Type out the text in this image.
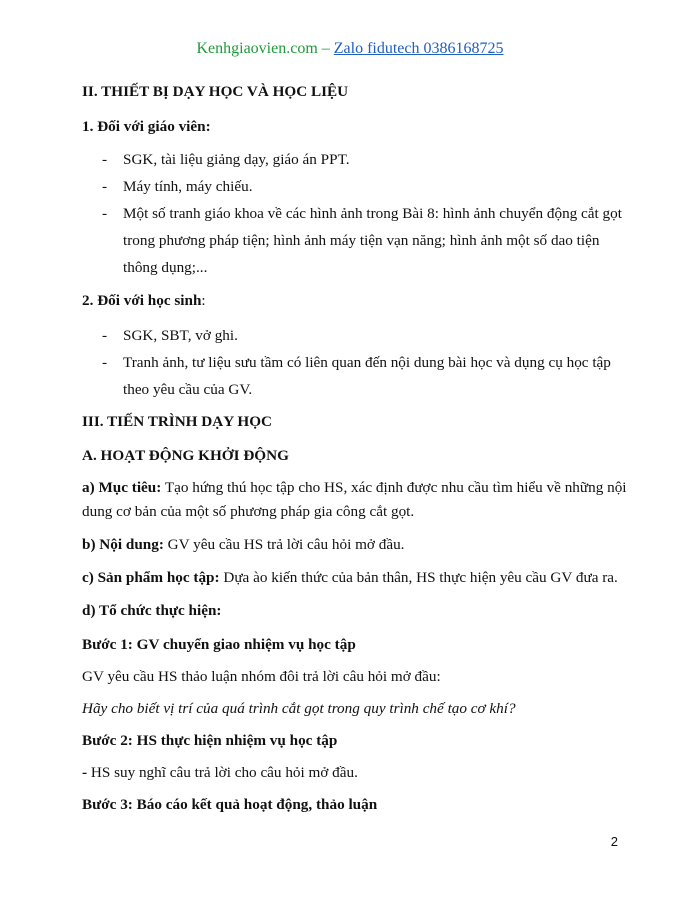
Kenhgiaovien.com – Zalo fidutech 0386168725

II. THIẾT BỊ DẠY HỌC VÀ HỌC LIỆU

1. Đối với giáo viên:

- SGK, tài liệu giảng dạy, giáo án PPT.
- Máy tính, máy chiếu.
- Một số tranh giáo khoa về các hình ảnh trong Bài 8: hình ảnh chuyển động cắt gọt trong phương pháp tiện; hình ảnh máy tiện vạn năng; hình ảnh một số dao tiện thông dụng;...

2. Đối với học sinh:

- SGK, SBT, vở ghi.
- Tranh ảnh, tư liệu sưu tầm có liên quan đến nội dung bài học và dụng cụ học tập theo yêu cầu của GV.

III. TIẾN TRÌNH DẠY HỌC

A. HOẠT ĐỘNG KHỞI ĐỘNG

a) Mục tiêu: Tạo hứng thú học tập cho HS, xác định được nhu cầu tìm hiểu về những nội dung cơ bản của một số phương pháp gia công cắt gọt.

b) Nội dung: GV yêu cầu HS trả lời câu hỏi mở đầu.

c) Sản phẩm học tập: Dựa ào kiến thức của bản thân, HS thực hiện yêu cầu GV đưa ra.

d) Tổ chức thực hiện:

Bước 1: GV chuyển giao nhiệm vụ học tập

GV yêu cầu HS thảo luận nhóm đôi trả lời câu hỏi mở đầu:

Hãy cho biết vị trí của quá trình cắt gọt trong quy trình chế tạo cơ khí?

Bước 2: HS thực hiện nhiệm vụ học tập

- HS suy nghĩ câu trả lời cho câu hỏi mở đầu.

Bước 3: Báo cáo kết quả hoạt động, thảo luận

2
